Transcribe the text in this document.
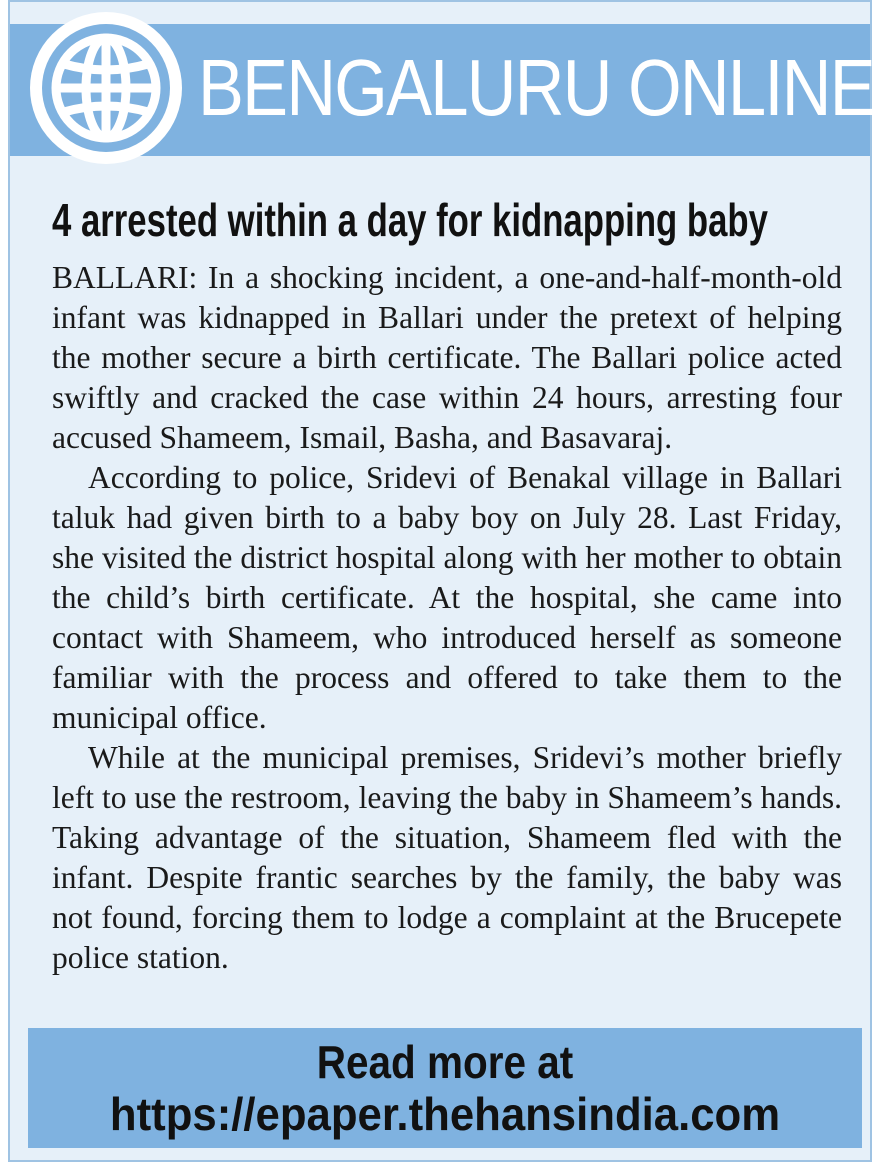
BENGALURU ONLINE
4 arrested within a day for kidnapping baby

BALLARI: In a shocking incident, a one-and-half-month-old infant was kidnapped in Ballari under the pretext of helping the mother secure a birth certificate. The Ballari police acted swiftly and cracked the case within 24 hours, arresting four accused Shameem, Ismail, Basha, and Basavaraj.

According to police, Sridevi of Benakal village in Ballari taluk had given birth to a baby boy on July 28. Last Friday, she visited the district hospital along with her mother to obtain the child’s birth certificate. At the hospital, she came into contact with Shameem, who introduced herself as someone familiar with the process and offered to take them to the municipal office.

While at the municipal premises, Sridevi’s mother briefly left to use the restroom, leaving the baby in Shameem’s hands. Taking advantage of the situation, Shameem fled with the infant. Despite frantic searches by the family, the baby was not found, forcing them to lodge a complaint at the Brucepete police station.

Read more at
https://epaper.thehansindia.com
